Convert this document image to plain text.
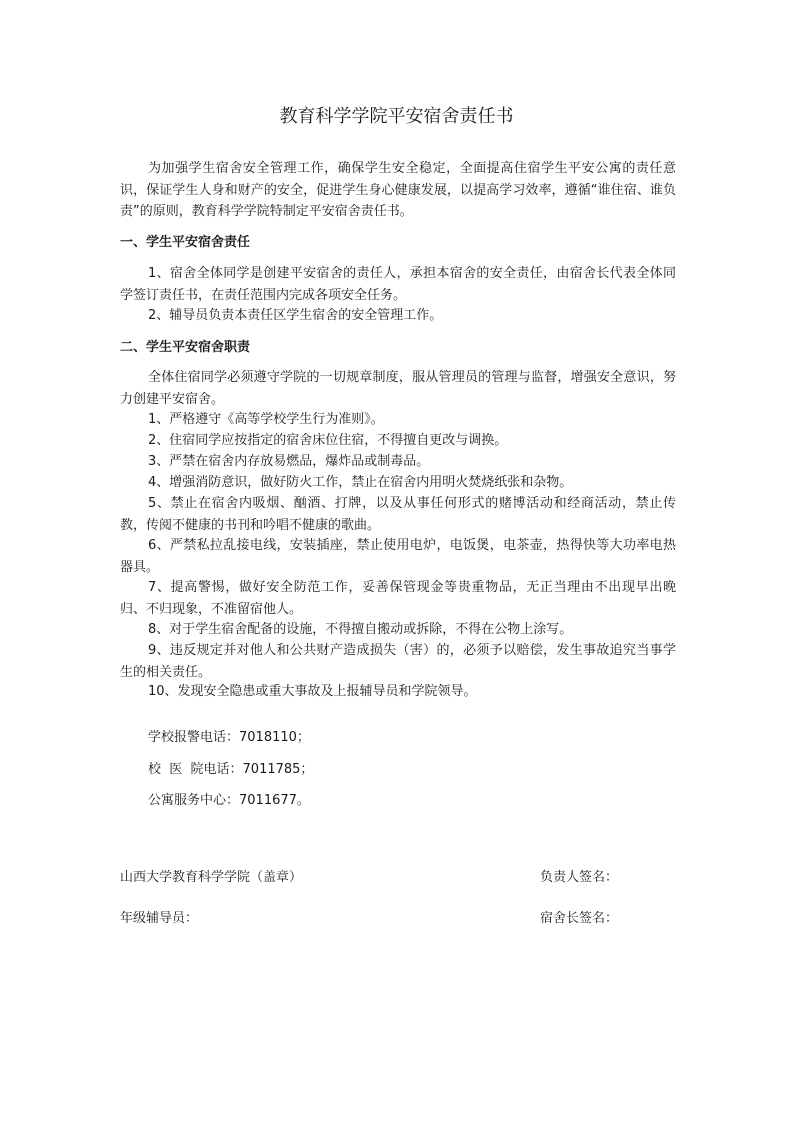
教育科学学院平安宿舍责任书
为加强学生宿舍安全管理工作，确保学生安全稳定，全面提高住宿学生平安公寓的责任意识，保证学生人身和财产的安全，促进学生身心健康发展，以提高学习效率，遵循“谁住宿、谁负责”的原则，教育科学学院特制定平安宿舍责任书。
一、学生平安宿舍责任
1、宿舍全体同学是创建平安宿舍的责任人，承担本宿舍的安全责任，由宿舍长代表全体同学签订责任书，在责任范围内完成各项安全任务。
2、辅导员负责本责任区学生宿舍的安全管理工作。
二、学生平安宿舍职责
全体住宿同学必须遵守学院的一切规章制度，服从管理员的管理与监督，增强安全意识，努力创建平安宿舍。
1、严格遵守《高等学校学生行为准则》。
2、住宿同学应按指定的宿舍床位住宿，不得擅自更改与调换。
3、严禁在宿舍内存放易燃品，爆炸品或制毒品。
4、增强消防意识，做好防火工作，禁止在宿舍内用明火焚烧纸张和杂物。
5、禁止在宿舍内吸烟、酗酒、打牌，以及从事任何形式的赌博活动和经商活动，禁止传教，传阅不健康的书刊和吟唱不健康的歌曲。
6、严禁私拉乱接电线，安装插座，禁止使用电炉，电饭煲，电茶壶，热得快等大功率电热器具。
7、提高警惕，做好安全防范工作，妥善保管现金等贵重物品，无正当理由不出现早出晚归、不归现象，不准留宿他人。
8、对于学生宿舍配备的设施，不得擅自搬动或拆除，不得在公物上涂写。
9、违反规定并对他人和公共财产造成损失（害）的，必须予以赔偿，发生事故追究当事学生的相关责任。
10、发现安全隐患或重大事故及上报辅导员和学院领导。
学校报警电话：7018110；
校  医  院电话：7011785；
公寓服务中心：7011677。
山西大学教育科学学院（盖章）	负责人签名：
年级辅导员：	宿舍长签名：
